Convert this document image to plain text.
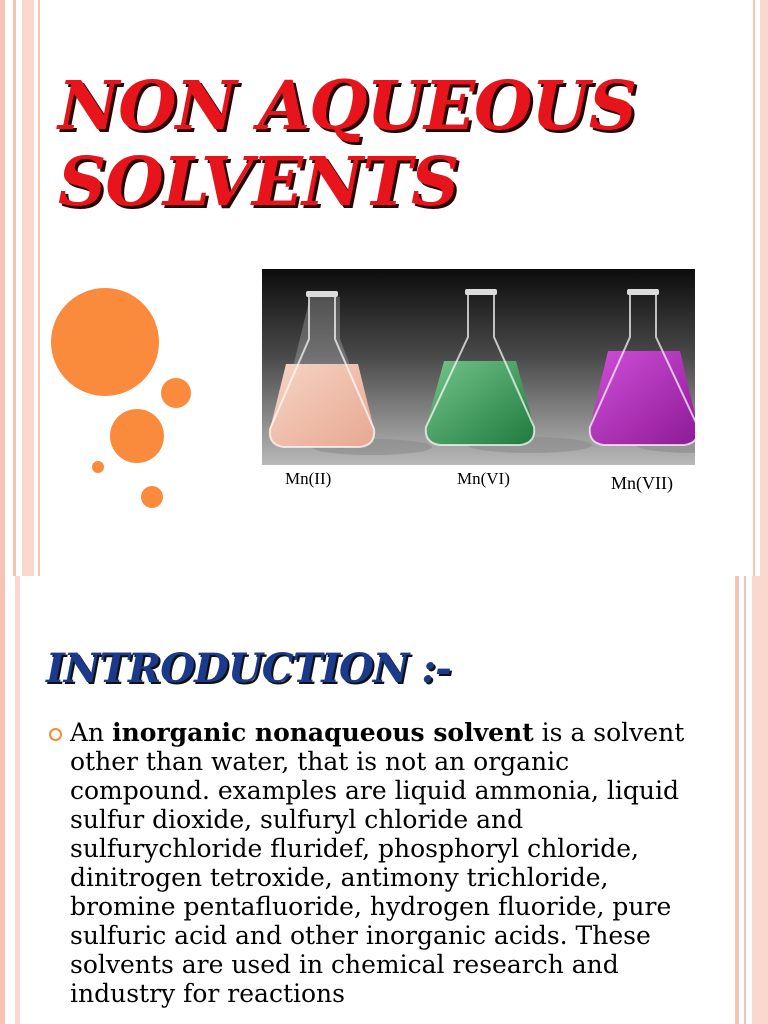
NON AQUEOUS
SOLVENTS
Mn(II)	Mn(VI)	Mn(VII)
INTRODUCTION :-

An inorganic nonaqueous solvent is a solvent other than water, that is not an organic compound. examples are liquid ammonia, liquid sulfur dioxide, sulfuryl chloride and sulfurychloride fluridef, phosphoryl chloride, dinitrogen tetroxide, antimony trichloride, bromine pentafluoride, hydrogen fluoride, pure sulfuric acid and other inorganic acids. These solvents are used in chemical research and industry for reactions
